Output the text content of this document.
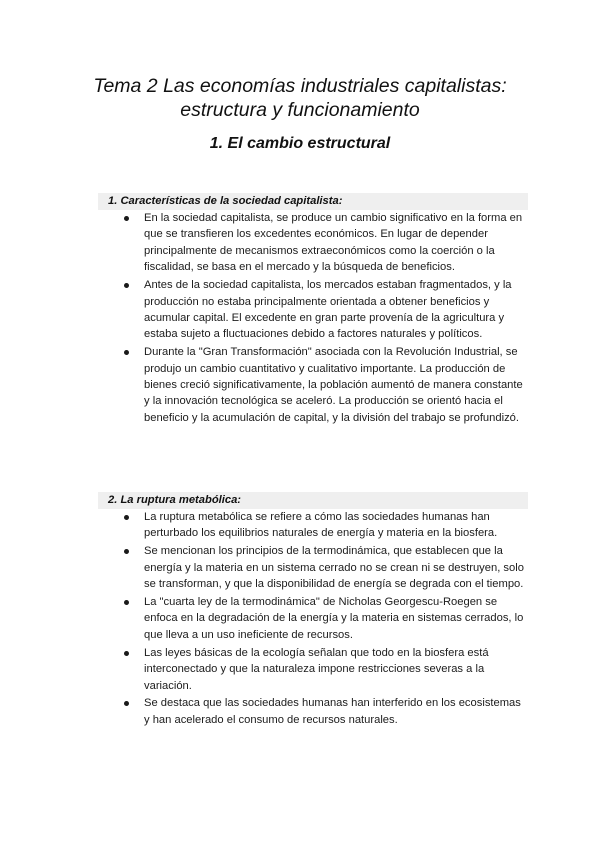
Tema 2 Las economías industriales capitalistas:
estructura y funcionamiento
1. El cambio estructural

1. Características de la sociedad capitalista:

En la sociedad capitalista, se produce un cambio significativo en la forma en que se transfieren los excedentes económicos. En lugar de depender principalmente de mecanismos extraeconómicos como la coerción o la fiscalidad, se basa en el mercado y la búsqueda de beneficios.
Antes de la sociedad capitalista, los mercados estaban fragmentados, y la producción no estaba principalmente orientada a obtener beneficios y acumular capital. El excedente en gran parte provenía de la agricultura y estaba sujeto a fluctuaciones debido a factores naturales y políticos.
Durante la "Gran Transformación" asociada con la Revolución Industrial, se produjo un cambio cuantitativo y cualitativo importante. La producción de bienes creció significativamente, la población aumentó de manera constante y la innovación tecnológica se aceleró. La producción se orientó hacia el beneficio y la acumulación de capital, y la división del trabajo se profundizó.

2. La ruptura metabólica:

La ruptura metabólica se refiere a cómo las sociedades humanas han perturbado los equilibrios naturales de energía y materia en la biosfera.
Se mencionan los principios de la termodinámica, que establecen que la energía y la materia en un sistema cerrado no se crean ni se destruyen, solo se transforman, y que la disponibilidad de energía se degrada con el tiempo.
La "cuarta ley de la termodinámica" de Nicholas Georgescu-Roegen se enfoca en la degradación de la energía y la materia en sistemas cerrados, lo que lleva a un uso ineficiente de recursos.
Las leyes básicas de la ecología señalan que todo en la biosfera está interconectado y que la naturaleza impone restricciones severas a la variación.
Se destaca que las sociedades humanas han interferido en los ecosistemas y han acelerado el consumo de recursos naturales.
